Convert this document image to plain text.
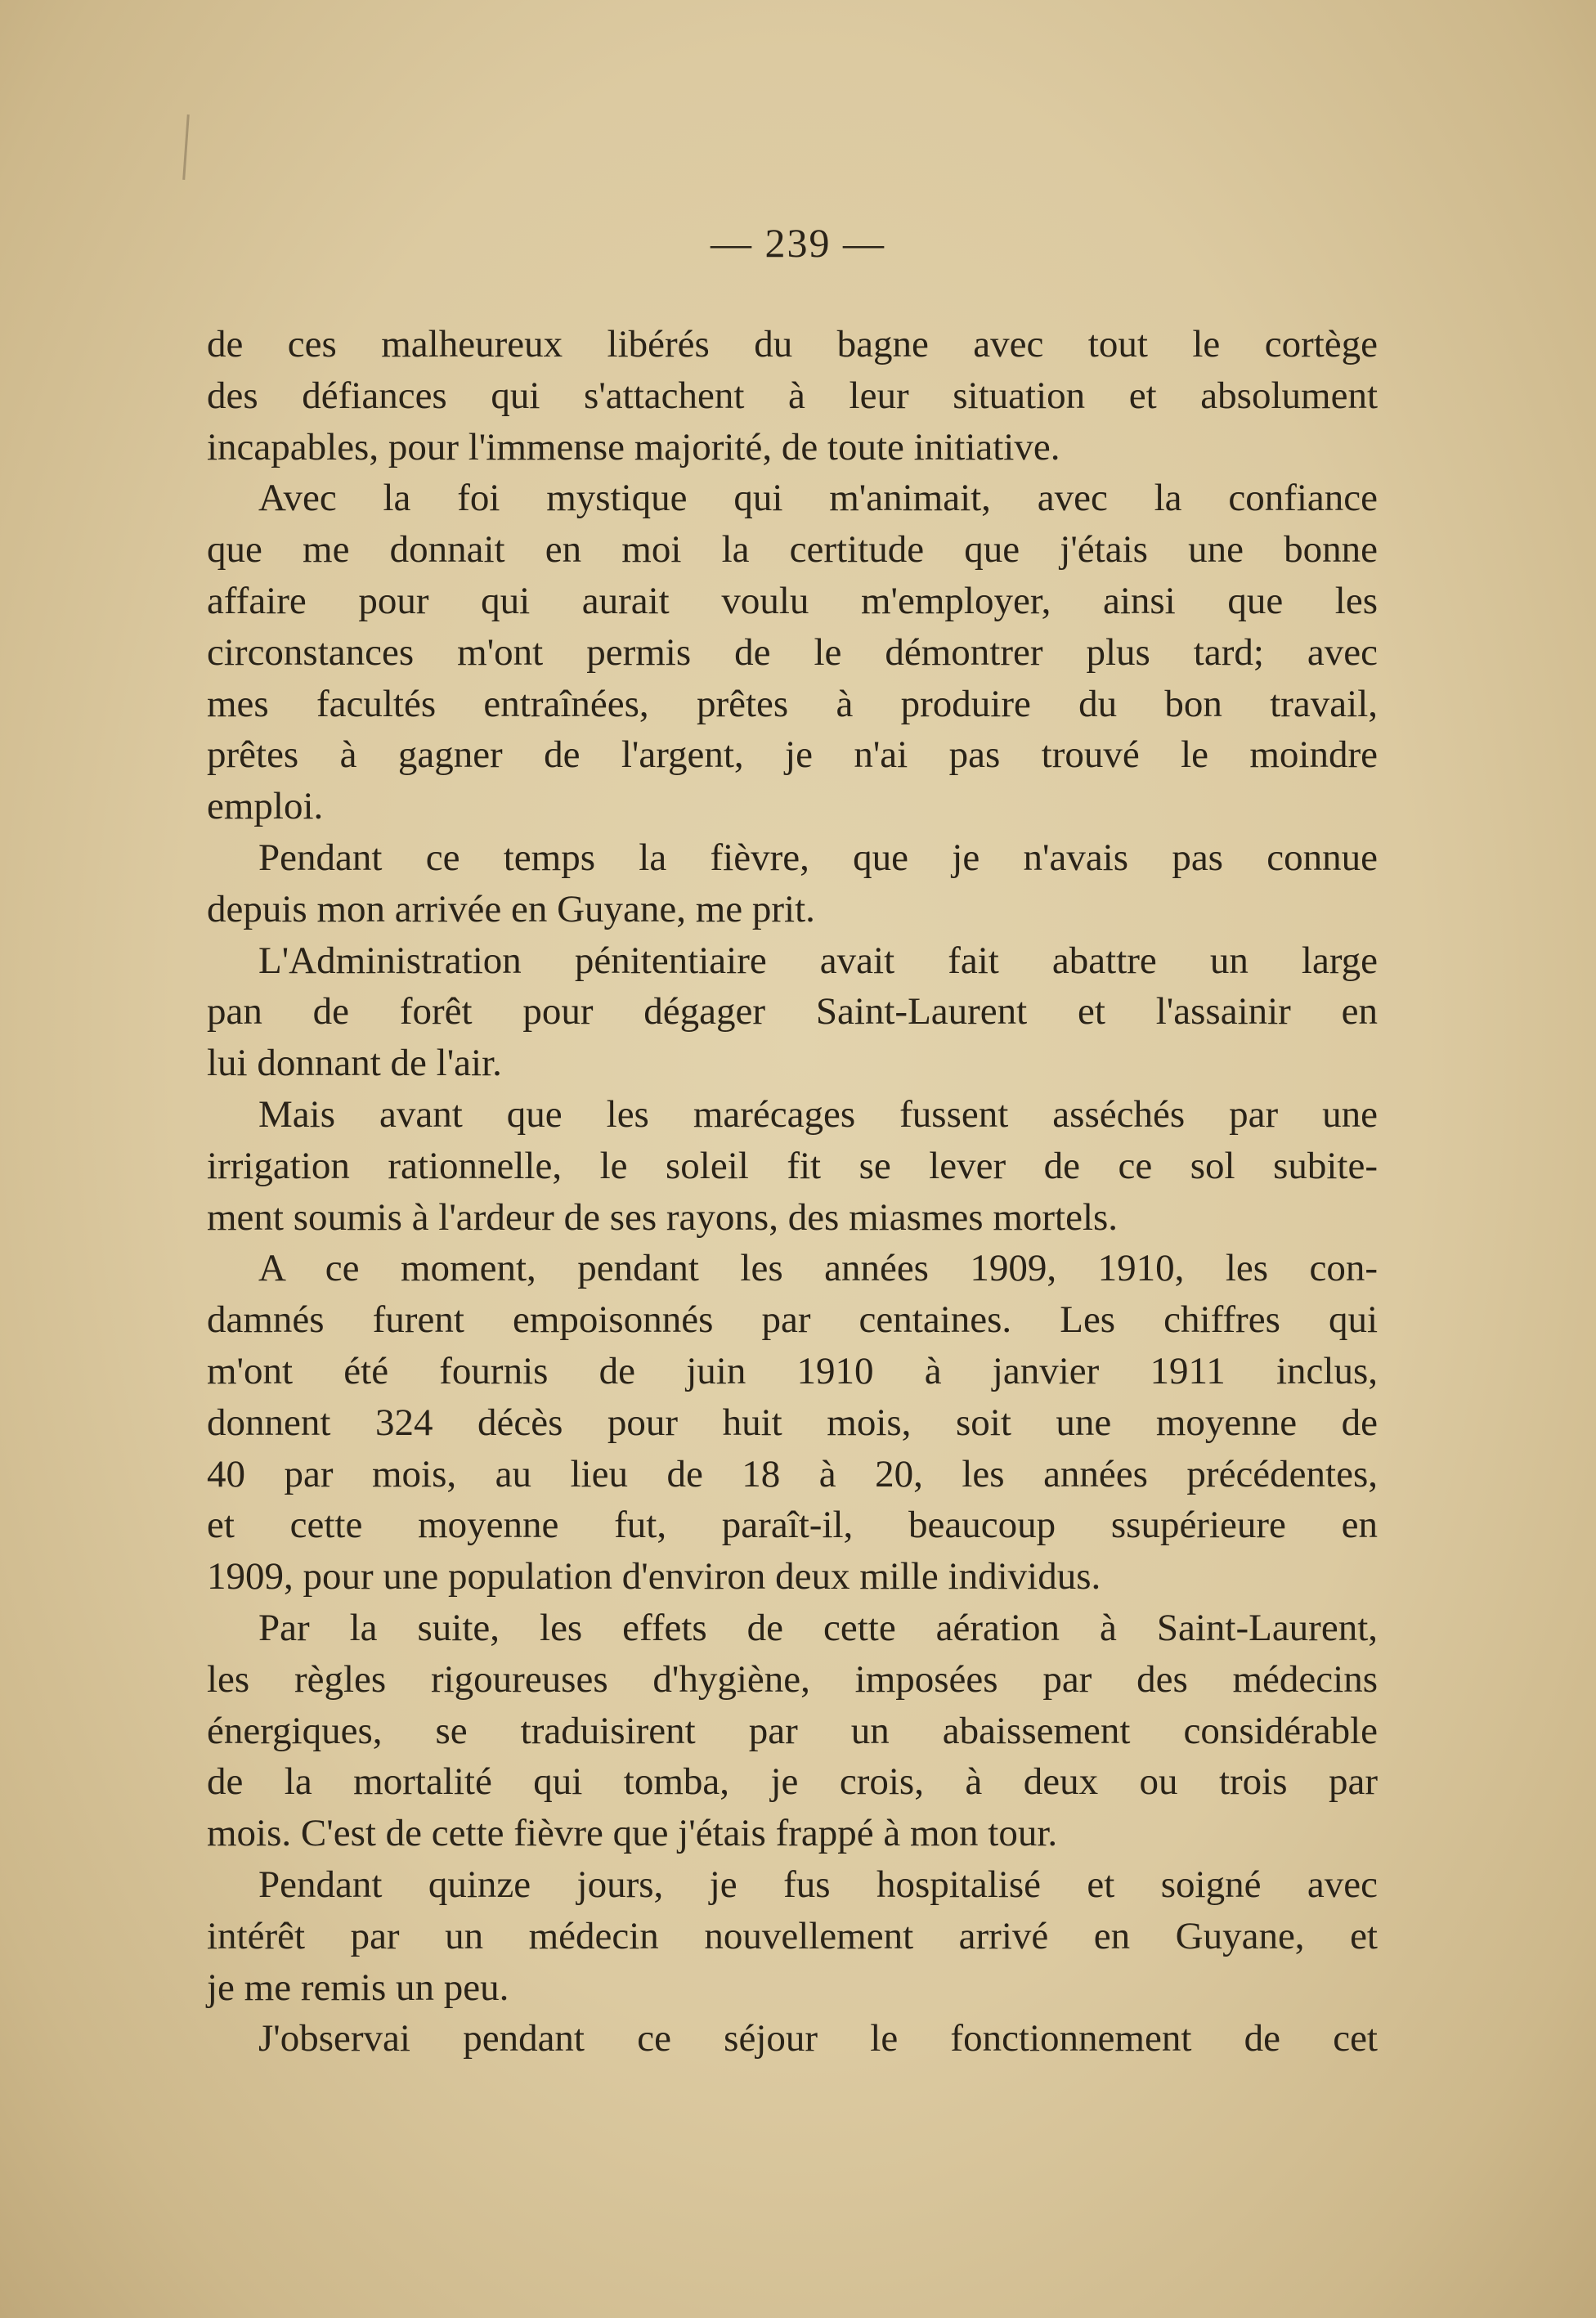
— 239 —
de ces malheureux libérés du bagne avec tout le cortège
des défiances qui s'attachent à leur situation et absolument
incapables, pour l'immense majorité, de toute initiative.
Avec la foi mystique qui m'animait, avec la confiance
que me donnait en moi la certitude que j'étais une bonne
affaire pour qui aurait voulu m'employer, ainsi que les
circonstances m'ont permis de le démontrer plus tard; avec
mes facultés entraînées, prêtes à produire du bon travail,
prêtes à gagner de l'argent, je n'ai pas trouvé le moindre
emploi.
Pendant ce temps la fièvre, que je n'avais pas connue
depuis mon arrivée en Guyane, me prit.
L'Administration pénitentiaire avait fait abattre un large
pan de forêt pour dégager Saint-Laurent et l'assainir en
lui donnant de l'air.
Mais avant que les marécages fussent asséchés par une
irrigation rationnelle, le soleil fit se lever de ce sol subite-
ment soumis à l'ardeur de ses rayons, des miasmes mortels.
A ce moment, pendant les années 1909, 1910, les con-
damnés furent empoisonnés par centaines. Les chiffres qui
m'ont été fournis de juin 1910 à janvier 1911 inclus,
donnent 324 décès pour huit mois, soit une moyenne de
40 par mois, au lieu de 18 à 20, les années précédentes,
et cette moyenne fut, paraît-il, beaucoup ssupérieure en
1909, pour une population d'environ deux mille individus.
Par la suite, les effets de cette aération à Saint-Laurent,
les règles rigoureuses d'hygiène, imposées par des médecins
énergiques, se traduisirent par un abaissement considérable
de la mortalité qui tomba, je crois, à deux ou trois par
mois. C'est de cette fièvre que j'étais frappé à mon tour.
Pendant quinze jours, je fus hospitalisé et soigné avec
intérêt par un médecin nouvellement arrivé en Guyane, et
je me remis un peu.
J'observai pendant ce séjour le fonctionnement de cet
